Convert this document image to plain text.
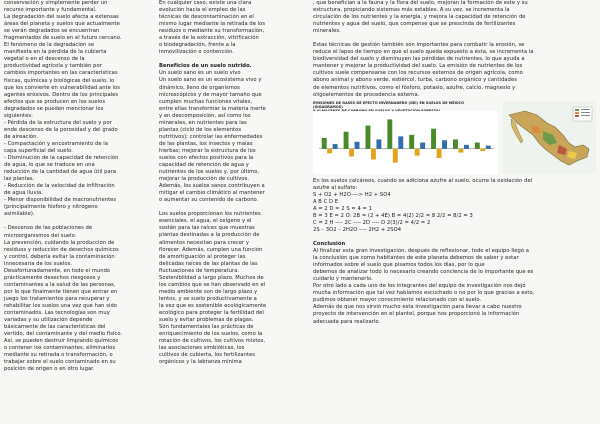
conservación y simplemente perder un
recurso importante y fundamental.
La degradación del suelo afecta a extensas
áreas del planeta y suelos que actualmente
se verán degradados se encuentran
fragmentados de suelo en el futuro cercano.
El fenómeno de la degradación se
manifiesta en la pérdida de la cubierta
vegetal o en el descenso de la
productividad agrícola y también por
cambios importantes en las características
físicas, químicas y biológicas del suelo, lo
que los convierte en vulnerabilidad ante los
agentes erosivos. Dentro de los principales
efectos que se producen en los suelos
degradados se pueden mencionar los
siguientes:
- Pérdida de la estructura del suelo y por
ende descenso de la porosidad y del grado
de aireación.
- Compactación y encostramiento de la
capa superficial del suelo.
- Disminución de la capacidad de retención
de agua, lo que se traduce en una
reducción de la cantidad de agua útil para
las plantas.
- Reducción de la velocidad de infiltración
de agua lluvia.
- Menor disponibilidad de macronutrientes
(principalmente fósforo y nitrógeno
asimilable).
- Descenso de las poblaciones de
microorganismos del suelo.
La prevención, cuidando la producción de
residuos y reducción de desechos químicos
y control, debería evitar la contaminación
innecesaria de los suelos.
Desafortunadamente, en todo el mundo
prácticamente desechos riesgosos y
contaminantes a la salud de las personas,
por lo que finalmente tienen que entrar en
juego los tratamientos para recuperar y
rehabilitar los suelos una vez que han sido
contaminados. Las tecnologías son muy
variadas y su utilización depende
básicamente de las características del
vertido, del contaminante y del medio físico.
Así, se pueden destruir limpiando químicos
o contener los contaminantes, eliminarlos
mediante su retirada o transformación, o
trabajar sobre el suelo contaminado en su
posición de origen o en otro lugar.
En cualquier caso, existe una clara
evolución hacia el empleo de las
técnicas de descontaminación en el
mismo lugar mediante la retirada de los
residuos o mediante su transformación,
a través de la extracción, vitrificación
o biodegradación, frente a la
inmovilización o contención.
Beneficios de un suelo nutrido.
Un suelo sano es un suelo vivo
Un suelo sano es un ecosistema vivo y
dinámico, lleno de organismos
microscópicos y de mayor tamaño que
cumplen muchas funciones vitales,
entre ellas transformar la materia inerte
y en descomposición, así como los
minerales, en nutrientes para las
plantas (ciclo de los elementos
nutritivos); controlar las enfermedades
de las plantas, los insectos y malas
hierbas; mejorar la estructura de los
suelos con efectos positivos para la
capacidad de retención de agua y
nutrientes de los suelos y, por último,
mejorar la producción de cultivos.
Además, los suelos sanos contribuyen a
mitigar el cambio climático al mantener
o aumentar su contenido de carbono.
Los suelos proporcionan los nutrientes
esenciales, el agua, el oxígeno y el
sostén para las raíces que muestras
plantas destinadas a la producción de
alimentos necesitan para crecer y
florecer. Además, cumplen una función
de amortiguación al proteger las
delicadas raíces de las plantas de las
fluctuaciones de temperatura.
Sostenibilidad a largo plazo. Muchos de
los cambios que se han observado en el
medio ambiente son de largo plazo y
lentos, y se suelo productivamente a
la vez que es sostenible ecológicamente
ecológico para proteger la fertilidad del
suelo y evitar problemas de plagas.
Son fundamentales las prácticas de
enriquecimiento de los suelos, como la
rotación de cultivos, los cultivos mixtos,
las asociaciones simbióticas, los
cultivos de cubierta, los fertilizantes
orgánicos y la labranza mínima
, que benefician a la fauna y la flora del suelo, mejoran la formación de este y su
estructura, propiciando sistemas más estables. A su vez, se incrementa la
circulación de los nutrientes y la energía, y mejora la capacidad de retención de
nutrientes y agua del suelo, que compense que se prescinda de fertilizantes
minerales.
Estas técnicas de gestión también son importantes para combatir la erosión, se
reduce el lapso de tiempo en que el suelo queda expuesto a ésta, se incrementa la
biodiversidad del suelo y disminuyen las pérdidas de nutrientes, lo que ayuda a
mantener y mejorar la productividad del suelo. La emisión de nutrientes de los
cultivos suele compensarse con los recursos externos de origen agrícola, como
abono animal y abono verde, estiércol, turba, carbono orgánico y cantidades
de elementos nutritivos, como el fósforo, potasio, azufre, calcio, magnesio y
oligoelementos de procedencia externa.
EMISIONES DE GASES DE EFECTO INVERNADERO (GEI) EN SUELOS DE MÉXICO (GIGAGRAMOS)

En los suelos calcáreos, cuando se adiciona azufre al suelo, ocurre la oxidación del
azufre al sulfato:
S + O2 + H2O----> H2 + SO4
A B C D E
A = 2 D = 2 S = 4 = 1
B = 3 E = 2 O: 2B = (2 + 4E) B = 4(2) 2/2 = 8 2/2 = 8/2 = 3
C = 2 H ---- 2C ---- 2D ---- D 2(3)/2 = 4/2 = 2
2S – 3O2 – 2H2O ---- 2H2 + 2SO4
Conclusión
Al finalizar esta gran investigación, después de reflexionar, todo el equipo llegó a
la conclusión que como habitantes de este planeta debemos de saber y estar
informados sobre el suelo que pisamos todos los días, por lo que
debemos de analizar todo lo necesario creando conciencia de lo importante que es
cuidarlo y mantenerlo.
Por otro lado a cada uno de los integrantes del equipo de investigación nos dejó
mucha información que tal vez habíamos escuchado o no por lo que gracias a esto,
pudimos obtener mayor conocimiento relacionado con el suelo.
Además de que nos sirvió mucho esta investigación para llevar a cabo nuestro
proyecto de intervención en el plantel, porque nos proporcionó la información
adecuada para realizarlo.
